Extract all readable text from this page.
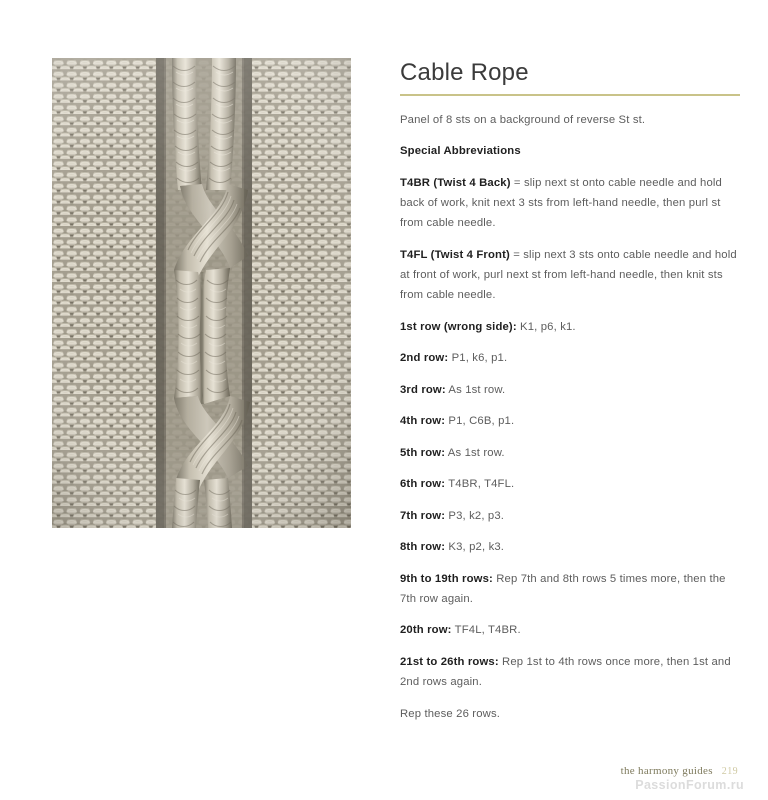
Cable Rope

Panel of 8 sts on a background of reverse St st.

Special Abbreviations

T4BR (Twist 4 Back) = slip next st onto cable needle and hold back of work, knit next 3 sts from left-hand needle, then purl st from cable needle.

T4FL (Twist 4 Front) = slip next 3 sts onto cable needle and hold at front of work, purl next st from left-hand needle, then knit sts from cable needle.

1st row (wrong side): K1, p6, k1.

2nd row: P1, k6, p1.

3rd row: As 1st row.

4th row: P1, C6B, p1.

5th row: As 1st row.

6th row: T4BR, T4FL.

7th row: P3, k2, p3.

8th row: K3, p2, k3.

9th to 19th rows: Rep 7th and 8th rows 5 times more, then the 7th row again.

20th row: TF4L, T4BR.

21st to 26th rows: Rep 1st to 4th rows once more, then 1st and 2nd rows again.

Rep these 26 rows.

the harmony guides 219
PassionForum.ru
